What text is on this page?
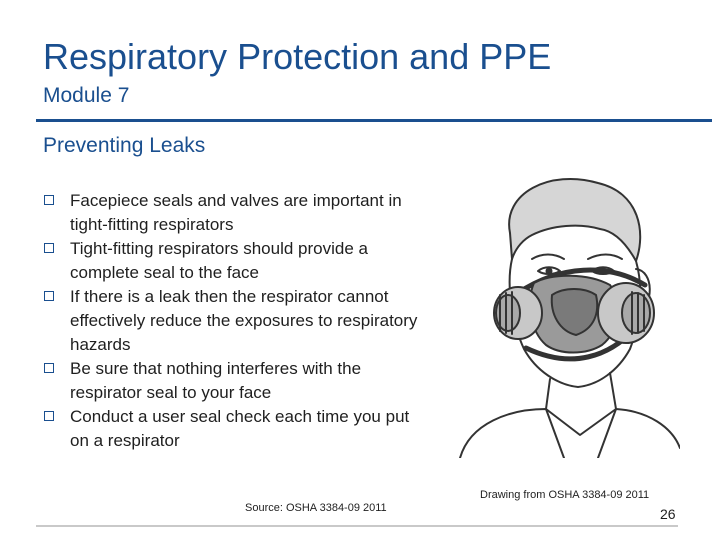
Respiratory Protection and PPE
Module 7
Preventing Leaks
Facepiece seals and valves are important in tight-fitting respirators
Tight-fitting respirators should provide a complete seal to the face
If there is a leak then the respirator cannot effectively reduce the exposures to respiratory hazards
Be sure that nothing interferes with the respirator seal to your face
Conduct a user seal check each time you put on a respirator
Source: OSHA 3384-09 2011
Drawing from OSHA 3384-09 2011
26
